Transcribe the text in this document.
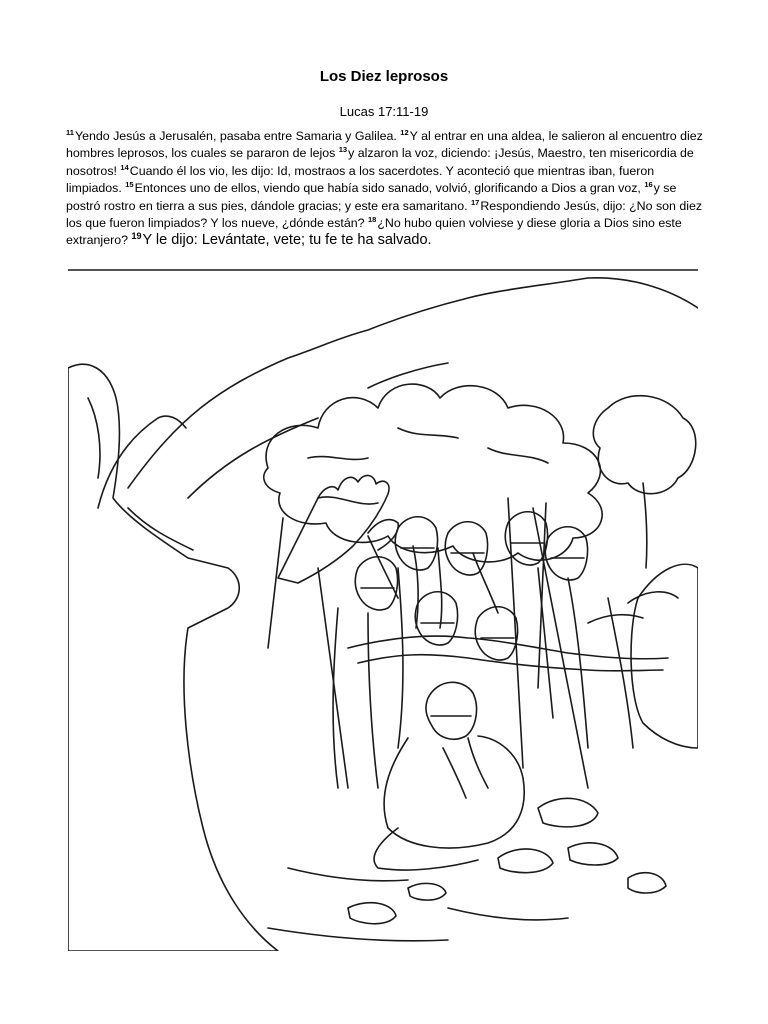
Los Diez leprosos
Lucas 17:11-19
$^{11}$Yendo Jesús a Jerusalén, pasaba entre Samaria y Galilea. $^{12}$Y al entrar en una aldea, le salieron al encuentro diez hombres leprosos, los cuales se pararon de lejos $^{13}$y alzaron la voz, diciendo: ¡Jesús, Maestro, ten misericordia de nosotros! $^{14}$Cuando él los vio, les dijo: Id, mostraos a los sacerdotes. Y aconteció que mientras iban, fueron limpiados. $^{15}$Entonces uno de ellos, viendo que había sido sanado, volvió, glorificando a Dios a gran voz, $^{16}$y se postró rostro en tierra a sus pies, dándole gracias; y este era samaritano. $^{17}$Respondiendo Jesús, dijo: ¿No son diez los que fueron limpiados? Y los nueve, ¿dónde están? $^{18}$¿No hubo quien volviese y diese gloria a Dios sino este extranjero? $^{19}$Y le dijo: Levántate, vete; tu fe te ha salvado.
